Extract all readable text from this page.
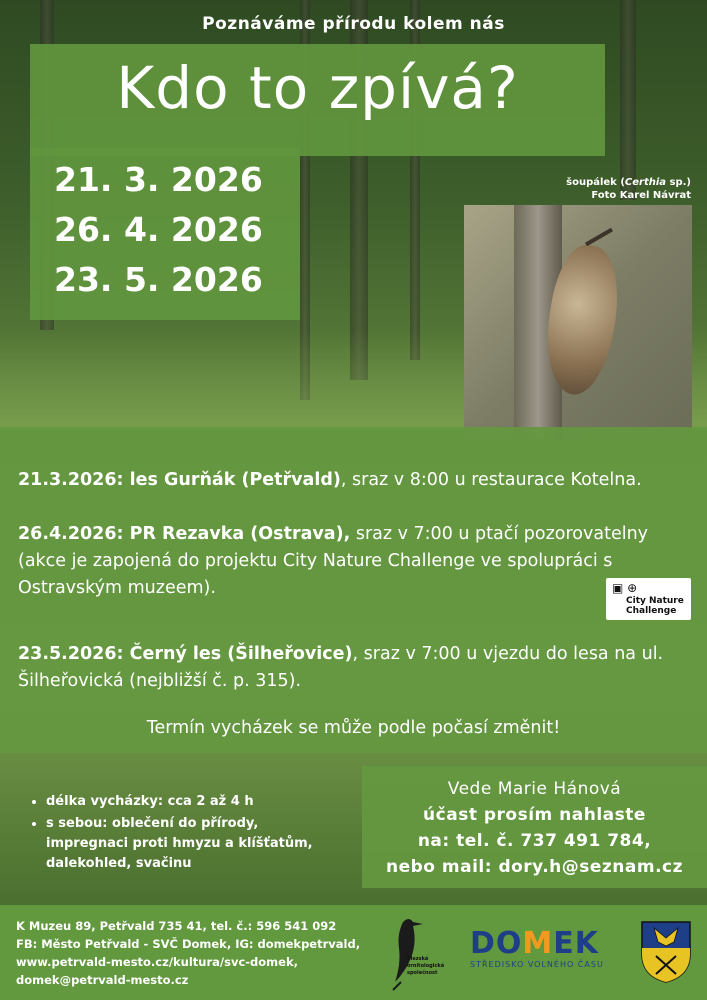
Poznáváme přírodu kolem nás
Kdo to zpívá?
21. 3. 2026
26. 4. 2026
23. 5. 2026
šoupálek (Certhia sp.)
Foto Karel Návrat
21.3.2026: les Gurňák (Petřvald), sraz v 8:00 u restaurace Kotelna.
26.4.2026: PR Rezavka (Ostrava), sraz v 7:00 u ptačí pozorovatelny (akce je zapojená do projektu City Nature Challenge ve spolupráci s Ostravským muzeem).
23.5.2026: Černý les (Šilheřovice), sraz v 7:00 u vjezdu do lesa na ul. Šilheřovická (nejbližší č. p. 315).
▣ ⊕
City Nature
Challenge
Termín vycházek se může podle počasí změnit!
• délka vycházky: cca 2 až 4 h
• s sebou: oblečení do přírody, impregnaci proti hmyzu a klíšťatům, dalekohled, svačinu
Vede Marie Hánová
účast prosím nahlaste
na: tel. č. 737 491 784,
nebo mail: dory.h@seznam.cz
K Muzeu 89, Petřvald 735 41, tel. č.: 596 541 092
FB: Město Petřvald - SVČ Domek, IG: domekpetrvald,
www.petrvald-mesto.cz/kultura/svc-domek,
domek@petrvald-mesto.cz
Slezská ornitologická společnost
DOMEK
STŘEDISKO VOLNÉHO ČASU
